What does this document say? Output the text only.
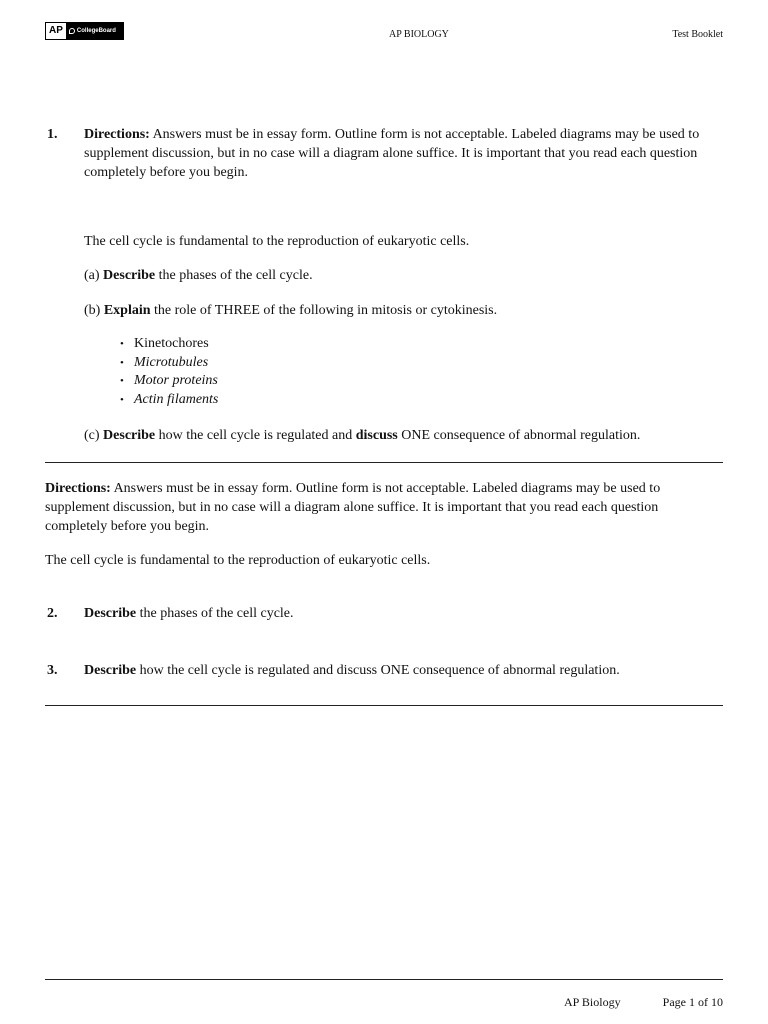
AP	CollegeBoard	AP BIOLOGY	Test Booklet
1. Directions: Answers must be in essay form. Outline form is not acceptable. Labeled diagrams may be used to supplement discussion, but in no case will a diagram alone suffice. It is important that you read each question completely before you begin.
The cell cycle is fundamental to the reproduction of eukaryotic cells.
(a) Describe the phases of the cell cycle.
(b) Explain the role of THREE of the following in mitosis or cytokinesis.
• Kinetochores
• Microtubules
• Motor proteins
• Actin filaments
(c) Describe how the cell cycle is regulated and discuss ONE consequence of abnormal regulation.
Directions: Answers must be in essay form. Outline form is not acceptable. Labeled diagrams may be used to supplement discussion, but in no case will a diagram alone suffice. It is important that you read each question completely before you begin.
The cell cycle is fundamental to the reproduction of eukaryotic cells.
2. Describe the phases of the cell cycle.
3. Describe how the cell cycle is regulated and discuss ONE consequence of abnormal regulation.
AP Biology	Page 1 of 10
